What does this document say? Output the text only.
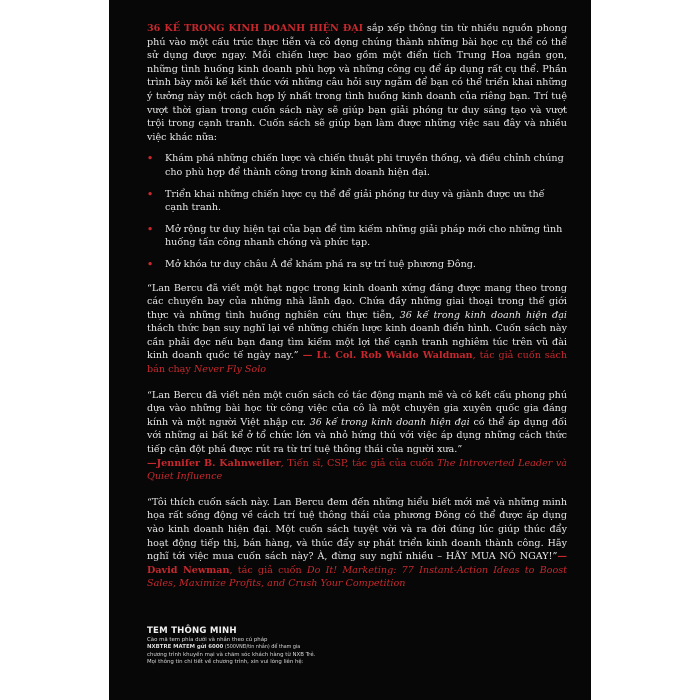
36 KẾ TRONG KINH DOANH HIỆN ĐẠI sắp xếp thông tin từ nhiều nguồn phong phú vào một cấu trúc thực tiễn và cô đọng chúng thành những bài học cụ thể có thể sử dụng được ngay. Mỗi chiến lược bao gồm một điển tích Trung Hoa ngắn gọn, những tình huống kinh doanh phù hợp và những công cụ để áp dụng rất cụ thể. Phần trình bày mỗi kế kết thúc với những câu hỏi suy ngẫm để bạn có thể triển khai những ý tưởng này một cách hợp lý nhất trong tình huống kinh doanh của riêng bạn. Trí tuệ vượt thời gian trong cuốn sách này sẽ giúp bạn giải phóng tư duy sáng tạo và vượt trội trong cạnh tranh. Cuốn sách sẽ giúp bạn làm được những việc sau đây và nhiều việc khác nữa:

• Khám phá những chiến lược và chiến thuật phi truyền thống, và điều chỉnh chúng cho phù hợp để thành công trong kinh doanh hiện đại.
• Triển khai những chiến lược cụ thể để giải phóng tư duy và giành được ưu thế cạnh tranh.
• Mở rộng tư duy hiện tại của bạn để tìm kiếm những giải pháp mới cho những tình huống tấn công nhanh chóng và phức tạp.
• Mở khóa tư duy châu Á để khám phá ra sự trí tuệ phương Đông.

“Lan Bercu đã viết một hạt ngọc trong kinh doanh xứng đáng được mang theo trong các chuyến bay của những nhà lãnh đạo. Chứa đầy những giai thoại trong thế giới thực và những tình huống nghiên cứu thực tiễn, 36 kế trong kinh doanh hiện đại thách thức bạn suy nghĩ lại về những chiến lược kinh doanh điển hình. Cuốn sách này cần phải đọc nếu bạn đang tìm kiếm một lợi thế cạnh tranh nghiêm túc trên vũ đài kinh doanh quốc tế ngày nay.” — Lt. Col. Rob Waldo Waldman, tác giả cuốn sách bán chạy Never Fly Solo

“Lan Bercu đã viết nên một cuốn sách có tác động mạnh mẽ và có kết cấu phong phú dựa vào những bài học từ công việc của cô là một chuyên gia xuyên quốc gia đáng kính và một người Việt nhập cư. 36 kế trong kinh doanh hiện đại có thể áp dụng đối với những ai bất kể ở tổ chức lớn và nhỏ hứng thú với việc áp dụng những cách thức tiếp cận đột phá được rút ra từ trí tuệ thông thái của người xưa.”
—Jennifer B. Kahnweiler, Tiến sĩ, CSP, tác giả của cuốn The Introverted Leader và Quiet Influence

“Tôi thích cuốn sách này. Lan Bercu đem đến những hiểu biết mới mẻ và những minh họa rất sống động về cách trí tuệ thông thái của phương Đông có thể được áp dụng vào kinh doanh hiện đại. Một cuốn sách tuyệt vời và ra đời đúng lúc giúp thúc đẩy hoạt động tiếp thị, bán hàng, và thúc đẩy sự phát triển kinh doanh thành công. Hãy nghĩ tới việc mua cuốn sách này? À, đừng suy nghĩ nhiều – HÃY MUA NÓ NGAY!”—David Newman, tác giả cuốn Do It! Marketing: 77 Instant-Action Ideas to Boost Sales, Maximize Profits, and Crush Your Competition

TEM THÔNG MINH
Cào mã tem phía dưới và nhắn theo cú pháp
NXBTRE MATEM gửi 6000 (500VNĐ/tin nhắn) để tham gia
chương trình khuyến mại và chăm sóc khách hàng từ NXB Trẻ.
Mọi thông tin chi tiết về chương trình, xin vui lòng liên hệ:
